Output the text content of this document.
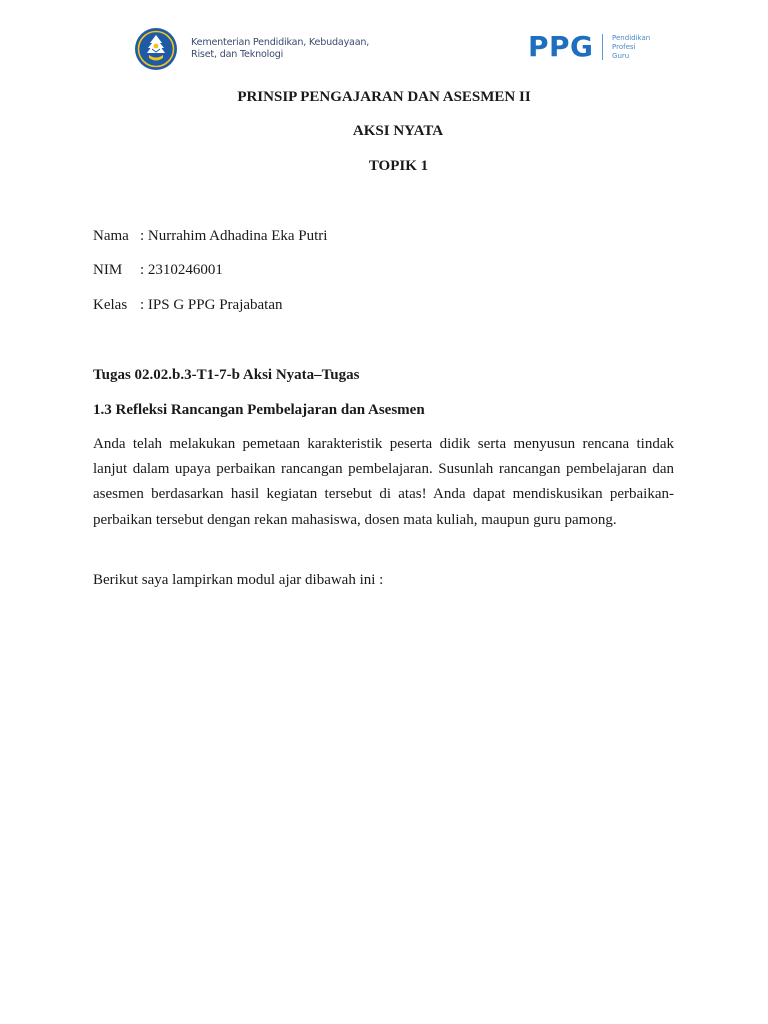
Kementerian Pendidikan, Kebudayaan,
Riset, dan Teknologi	PPG	Pendidikan
Profesi
Guru
PRINSIP PENGAJARAN DAN ASESMEN II
AKSI NYATA
TOPIK 1
Nama : Nurrahim Adhadina Eka Putri
NIM : 2310246001
Kelas : IPS G PPG Prajabatan
Tugas 02.02.b.3-T1-7-b Aksi Nyata–Tugas
1.3 Refleksi Rancangan Pembelajaran dan Asesmen

Anda telah melakukan pemetaan karakteristik peserta didik serta menyusun rencana tindak lanjut dalam upaya perbaikan rancangan pembelajaran. Susunlah rancangan pembelajaran dan asesmen berdasarkan hasil kegiatan tersebut di atas! Anda dapat mendiskusikan perbaikan-perbaikan tersebut dengan rekan mahasiswa, dosen mata kuliah, maupun guru pamong.

Berikut saya lampirkan modul ajar dibawah ini :
